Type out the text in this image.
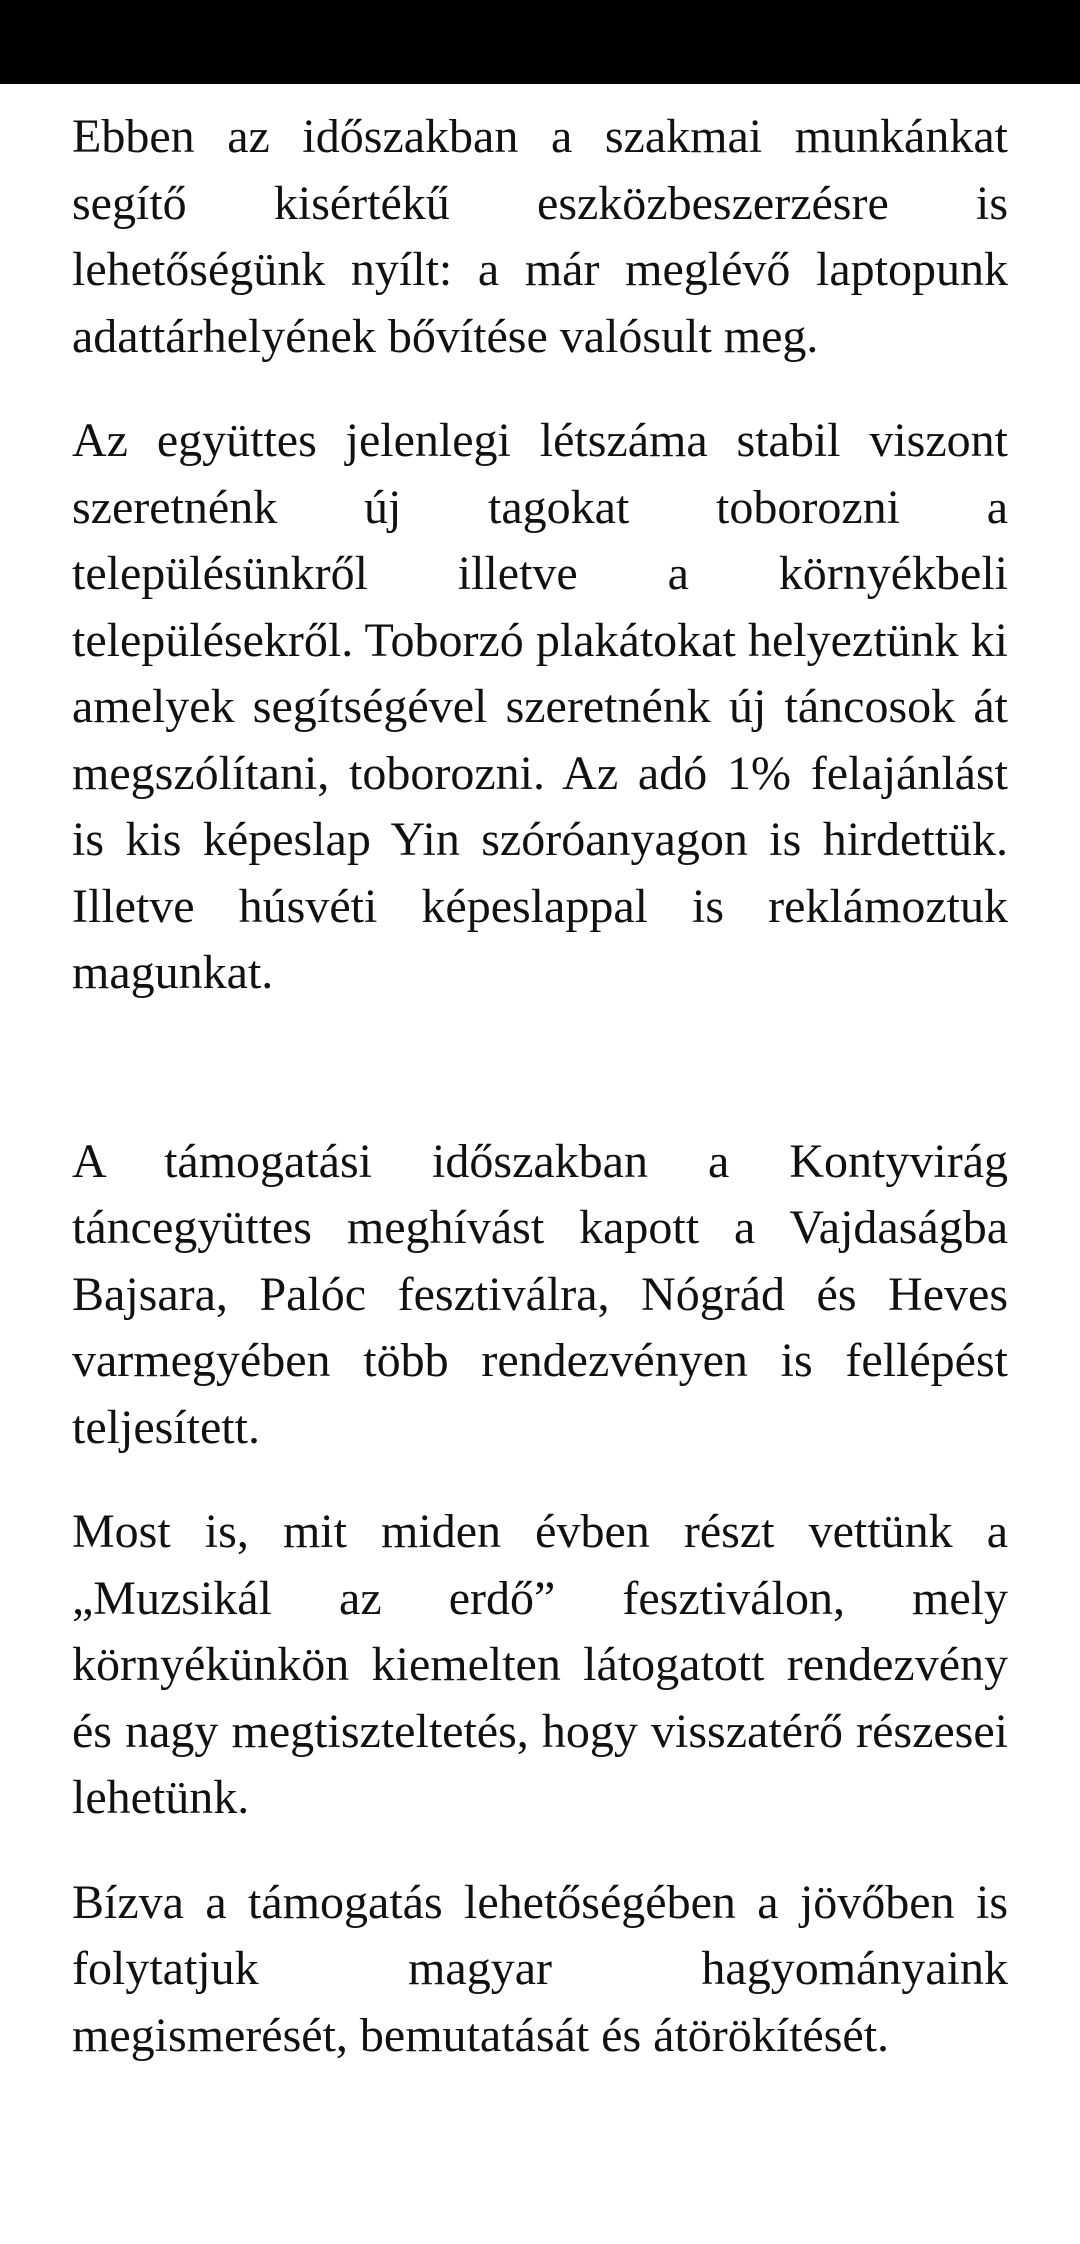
Ebben az időszakban a szakmai munkánkat segítő kisértékű eszközbeszerzésre is lehetőségünk nyílt: a már meglévő laptopunk adattárhelyének bővítése valósult meg.

Az együttes jelenlegi létszáma stabil viszont szeretnénk új tagokat toborozni a településünkről illetve a környékbeli településekről. Toborzó plakátokat helyeztünk ki amelyek segítségével szeretnénk új táncosok át megszólítani, toborozni. Az adó 1% felajánlást is kis képeslap Yin szóróanyagon is hirdettük. Illetve húsvéti képeslappal is reklámoztuk magunkat.

A támogatási időszakban a Kontyvirág táncegyüttes meghívást kapott a Vajdaságba Bajsara, Palóc fesztiválra, Nógrád és Heves varmegyében több rendezvényen is fellépést teljesített.

Most is, mit miden évben részt vettünk a „Muzsikál az erdő” fesztiválon, mely környékünkön kiemelten látogatott rendezvény és nagy megtiszteltetés, hogy visszatérő részesei lehetünk.

Bízva a támogatás lehetőségében a jövőben is folytatjuk magyar hagyományaink megismerését, bemutatását és átörökítését.
